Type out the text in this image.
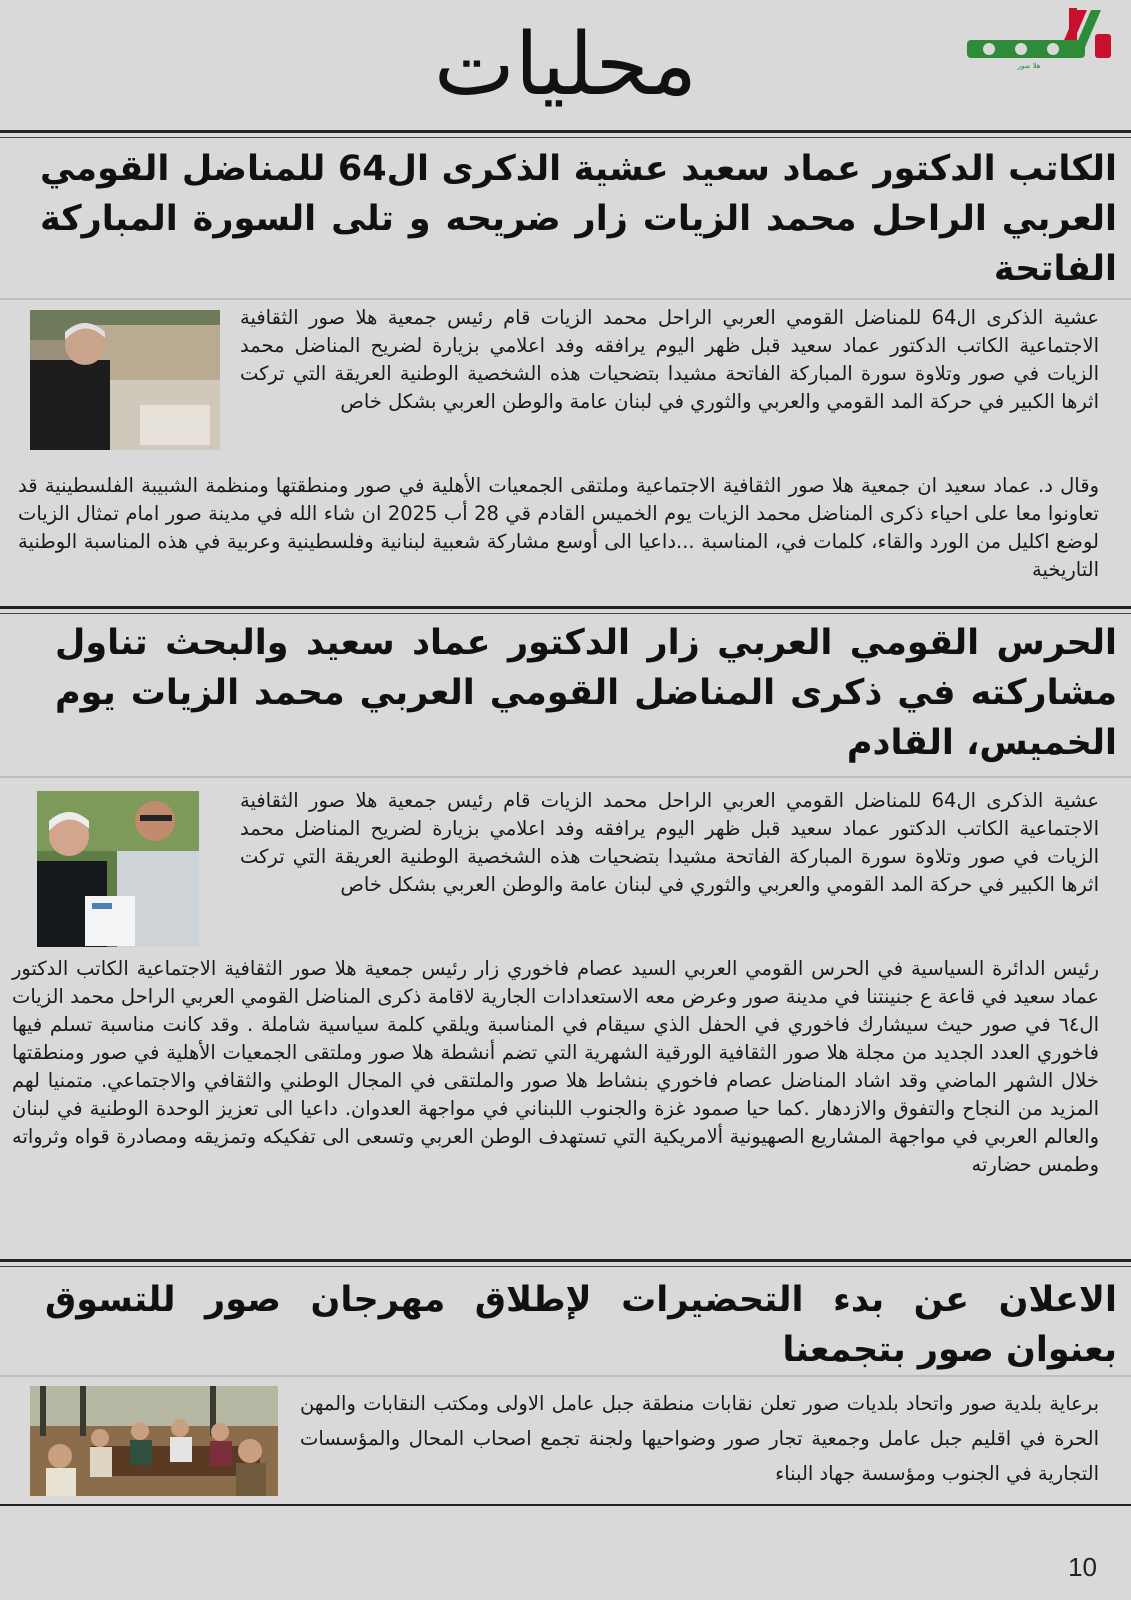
محليات	هلا صور
الكاتب الدكتور عماد سعيد عشية الذكرى ال64 للمناضل القومي العربي الراحل محمد الزيات زار ضريحه و تلى السورة المباركة الفاتحة

عشية الذكرى ال64 للمناضل القومي العربي الراحل محمد الزيات قام رئيس جمعية هلا صور الثقافية الاجتماعية الكاتب الدكتور عماد سعيد قبل ظهر اليوم يرافقه وفد اعلامي بزيارة لضريح المناضل محمد الزيات في صور وتلاوة سورة المباركة الفاتحة مشيدا بتضحيات هذه الشخصية الوطنية العريقة التي تركت اثرها الكبير في حركة المد القومي والعربي والثوري في لبنان عامة والوطن العربي بشكل خاص

وقال د. عماد سعيد ان جمعية هلا صور الثقافية الاجتماعية وملتقى الجمعيات الأهلية في صور ومنطقتها ومنظمة الشبيبة الفلسطينية قد تعاونوا معا على احياء ذكرى المناضل محمد الزيات يوم الخميس القادم قي 28 أب 2025 ان شاء الله في مدينة صور امام تمثال الزيات لوضع اكليل من الورد والقاء، كلمات في، المناسبة ...داعيا الى أوسع مشاركة شعبية لبنانية وفلسطينية وعربية في هذه المناسبة الوطنية التاريخية

الحرس القومي العربي زار الدكتور عماد سعيد والبحث تناول مشاركته في ذكرى المناضل القومي العربي محمد الزيات يوم الخميس، القادم

عشية الذكرى ال64 للمناضل القومي العربي الراحل محمد الزيات قام رئيس جمعية هلا صور الثقافية الاجتماعية الكاتب الدكتور عماد سعيد قبل ظهر اليوم يرافقه وفد اعلامي بزيارة لضريح المناضل محمد الزيات في صور وتلاوة سورة المباركة الفاتحة مشيدا بتضحيات هذه الشخصية الوطنية العريقة التي تركت اثرها الكبير في حركة المد القومي والعربي والثوري في لبنان عامة والوطن العربي بشكل خاص

رئيس الدائرة السياسية في الحرس القومي العربي السيد عصام فاخوري زار رئيس جمعية هلا صور الثقافية الاجتماعية الكاتب الدكتور عماد سعيد في قاعة ع جنينتنا في مدينة صور وعرض معه الاستعدادات الجارية لاقامة ذكرى المناضل القومي العربي الراحل محمد الزيات ال٦٤ في صور حيث سيشارك فاخوري في الحفل الذي سيقام في المناسبة ويلقي كلمة سياسية شاملة . وقد كانت مناسبة تسلم فيها فاخوري العدد الجديد من مجلة هلا صور الثقافية الورقية الشهرية التي تضم أنشطة هلا صور وملتقى الجمعيات الأهلية في صور ومنطقتها خلال الشهر الماضي وقد اشاد المناضل عصام فاخوري بنشاط هلا صور والملتقى في المجال الوطني والثقافي والاجتماعي. متمنيا لهم المزيد من النجاح والتفوق والازدهار .كما حيا صمود غزة والجنوب اللبناني في مواجهة العدوان. داعيا الى تعزيز الوحدة الوطنية في لبنان والعالم العربي في مواجهة المشاريع الصهيونية ألامريكية التي تستهدف الوطن العربي وتسعى الى تفكيكه وتمزيقه ومصادرة قواه وثرواته وطمس حضارته

الاعلان عن بدء التحضيرات لإطلاق مهرجان صور للتسوق بعنوان صور بتجمعنا

برعاية بلدية صور واتحاد بلديات صور تعلن نقابات منطقة جبل عامل الاولى ومكتب النقابات والمهن الحرة في اقليم جبل عامل وجمعية تجار صور وضواحيها ولجنة تجمع اصحاب المحال والمؤسسات التجارية في الجنوب ومؤسسة جهاد البناء

10
